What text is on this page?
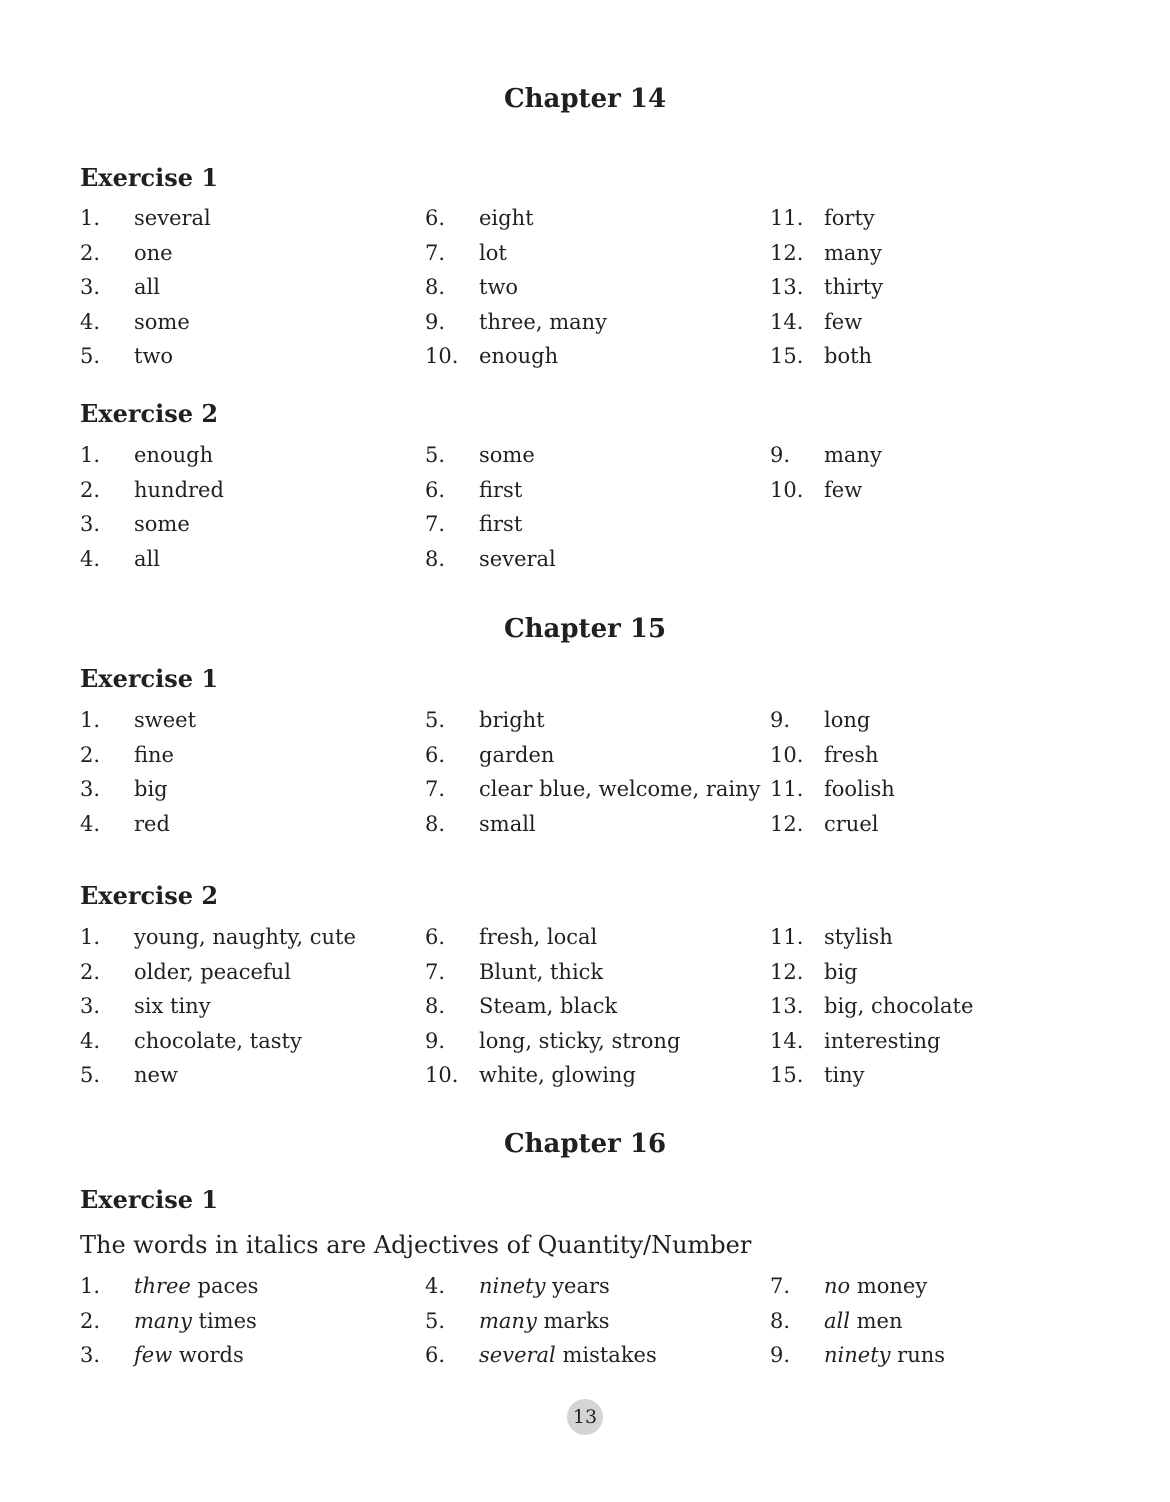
Chapter 14
Exercise 1
1. several
2. one
3. all
4. some
5. two
6. eight
7. lot
8. two
9. three, many
10. enough
11. forty
12. many
13. thirty
14. few
15. both
Exercise 2
1. enough
2. hundred
3. some
4. all
5. some
6. first
7. first
8. several
9. many
10. few
Chapter 15
Exercise 1
1. sweet
2. fine
3. big
4. red
5. bright
6. garden
7. clear blue, welcome, rainy
8. small
9. long
10. fresh
11. foolish
12. cruel
Exercise 2
1. young, naughty, cute
2. older, peaceful
3. six tiny
4. chocolate, tasty
5. new
6. fresh, local
7. Blunt, thick
8. Steam, black
9. long, sticky, strong
10. white, glowing
11. stylish
12. big
13. big, chocolate
14. interesting
15. tiny
Chapter 16
Exercise 1

The words in italics are Adjectives of Quantity/Number

1. three paces
2. many times
3. few words
4. ninety years
5. many marks
6. several mistakes
7. no money
8. all men
9. ninety runs
13
